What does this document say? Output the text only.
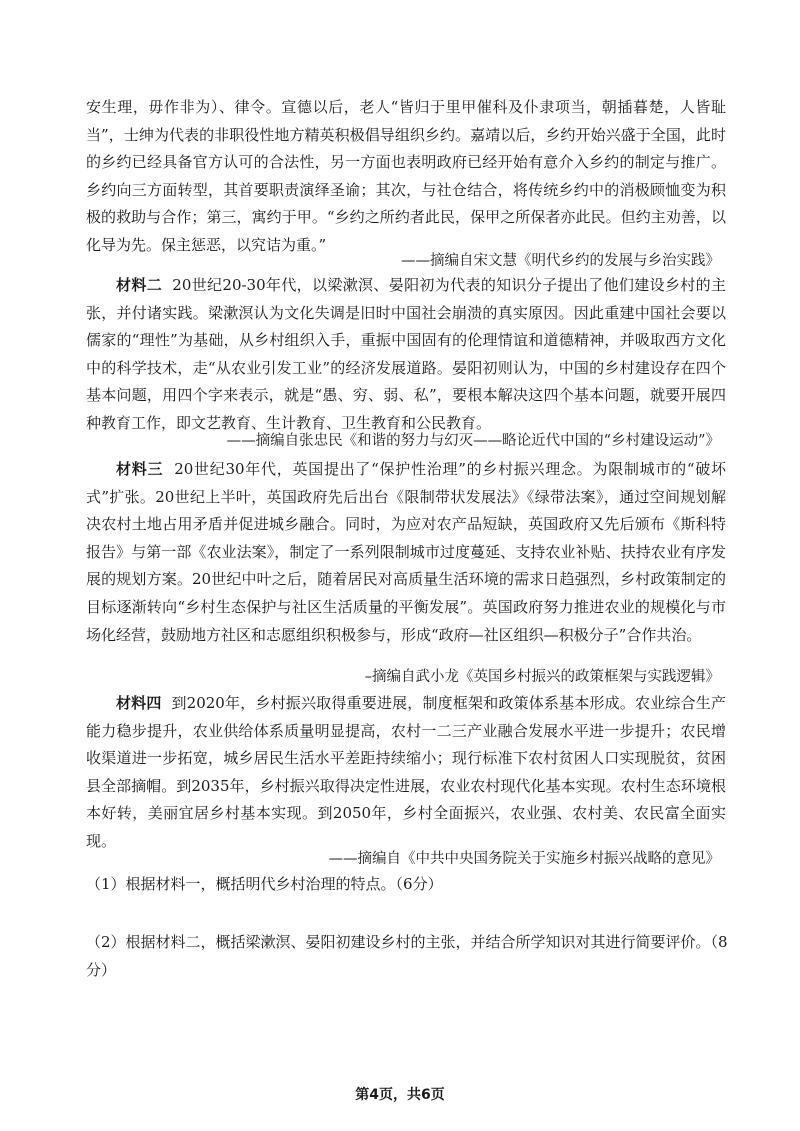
安生理，毋作非为）、律令。宣德以后，老人“皆归于里甲催科及仆隶项当，朝插暮楚，人皆耻当”，士绅为代表的非职役性地方精英积极倡导组织乡约。嘉靖以后，乡约开始兴盛于全国，此时的乡约已经具备官方认可的合法性，另一方面也表明政府已经开始有意介入乡约的制定与推广。乡约向三方面转型，其首要职责演绎圣谕；其次，与社仓结合，将传统乡约中的消极顾恤变为积极的救助与合作；第三，寓约于甲。“乡约之所约者此民，保甲之所保者亦此民。但约主劝善，以化导为先。保主惩恶，以究诘为重。”
——摘编自宋文慧《明代乡约的发展与乡治实践》
材料二 20世纪20-30年代，以梁漱溟、晏阳初为代表的知识分子提出了他们建设乡村的主张，并付诸实践。梁漱溟认为文化失调是旧时中国社会崩溃的真实原因。因此重建中国社会要以儒家的“理性”为基础，从乡村组织入手，重振中国固有的伦理情谊和道德精神，并吸取西方文化中的科学技术，走“从农业引发工业”的经济发展道路。晏阳初则认为，中国的乡村建设存在四个基本问题，用四个字来表示，就是“愚、穷、弱、私”，要根本解决这四个基本问题，就要开展四种教育工作，即文艺教育、生计教育、卫生教育和公民教育。
——摘编自张忠民《和谐的努力与幻灭——略论近代中国的“乡村建设运动”》
材料三 20世纪30年代，英国提出了“保护性治理”的乡村振兴理念。为限制城市的“破坏式”扩张。20世纪上半叶，英国政府先后出台《限制带状发展法》《绿带法案》，通过空间规划解决农村土地占用矛盾并促进城乡融合。同时，为应对农产品短缺，英国政府又先后颁布《斯科特报告》与第一部《农业法案》，制定了一系列限制城市过度蔓延、支持农业补贴、扶持农业有序发展的规划方案。20世纪中叶之后，随着居民对高质量生活环境的需求日趋强烈，乡村政策制定的目标逐渐转向“乡村生态保护与社区生活质量的平衡发展”。英国政府努力推进农业的规模化与市场化经营，鼓励地方社区和志愿组织积极参与，形成“政府—社区组织—积极分子”合作共治。
–摘编自武小龙《英国乡村振兴的政策框架与实践逻辑》
材料四 到2020年，乡村振兴取得重要进展，制度框架和政策体系基本形成。农业综合生产能力稳步提升，农业供给体系质量明显提高，农村一二三产业融合发展水平进一步提升；农民增收渠道进一步拓宽，城乡居民生活水平差距持续缩小；现行标准下农村贫困人口实现脱贫，贫困县全部摘帽。到2035年，乡村振兴取得决定性进展，农业农村现代化基本实现。农村生态环境根本好转，美丽宜居乡村基本实现。到2050年，乡村全面振兴，农业强、农村美、农民富全面实现。
——摘编自《中共中央国务院关于实施乡村振兴战略的意见》
（1）根据材料一，概括明代乡村治理的特点。（6分）
（2）根据材料二，概括梁漱溟、晏阳初建设乡村的主张，并结合所学知识对其进行简要评价。（8分）
第4页，共6页
